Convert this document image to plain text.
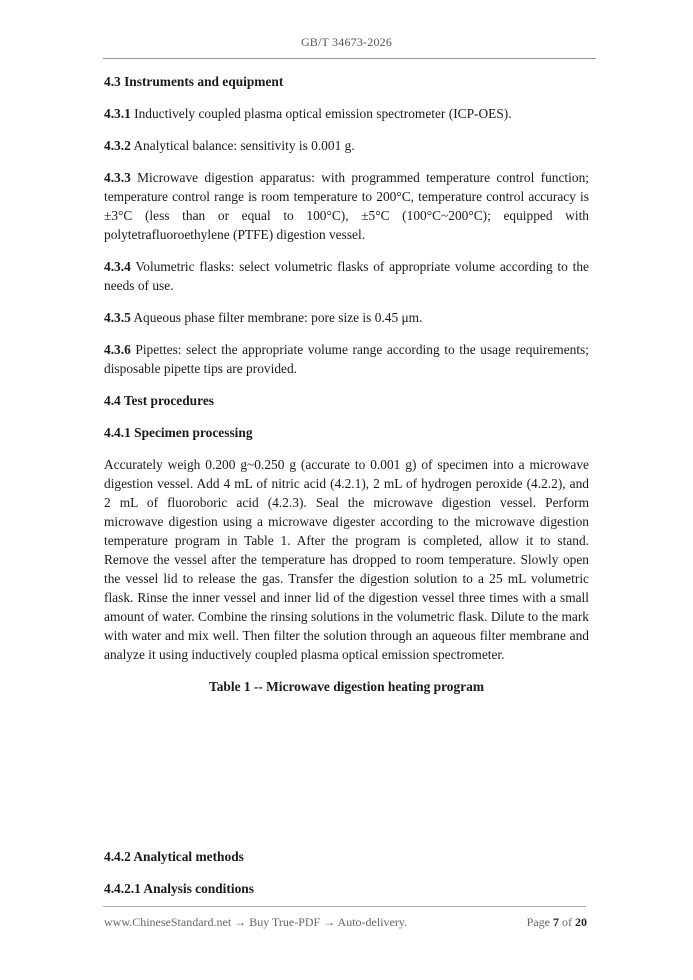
GB/T 34673-2026

4.3 Instruments and equipment

4.3.1 Inductively coupled plasma optical emission spectrometer (ICP-OES).

4.3.2 Analytical balance: sensitivity is 0.001 g.

4.3.3 Microwave digestion apparatus: with programmed temperature control function; temperature control range is room temperature to 200°C, temperature control accuracy is ±3°C (less than or equal to 100°C), ±5°C (100°C~200°C); equipped with polytetrafluoroethylene (PTFE) digestion vessel.

4.3.4 Volumetric flasks: select volumetric flasks of appropriate volume according to the needs of use.

4.3.5 Aqueous phase filter membrane: pore size is 0.45 μm.

4.3.6 Pipettes: select the appropriate volume range according to the usage requirements; disposable pipette tips are provided.

4.4 Test procedures

4.4.1 Specimen processing

Accurately weigh 0.200 g~0.250 g (accurate to 0.001 g) of specimen into a microwave digestion vessel. Add 4 mL of nitric acid (4.2.1), 2 mL of hydrogen peroxide (4.2.2), and 2 mL of fluoroboric acid (4.2.3). Seal the microwave digestion vessel. Perform microwave digestion using a microwave digester according to the microwave digestion temperature program in Table 1. After the program is completed, allow it to stand. Remove the vessel after the temperature has dropped to room temperature. Slowly open the vessel lid to release the gas. Transfer the digestion solution to a 25 mL volumetric flask. Rinse the inner vessel and inner lid of the digestion vessel three times with a small amount of water. Combine the rinsing solutions in the volumetric flask. Dilute to the mark with water and mix well. Then filter the solution through an aqueous filter membrane and analyze it using inductively coupled plasma optical emission spectrometer.

Table 1 -- Microwave digestion heating program

4.4.2 Analytical methods

4.4.2.1 Analysis conditions

www.ChineseStandard.net → Buy True-PDF → Auto-delivery.	Page 7 of 20
